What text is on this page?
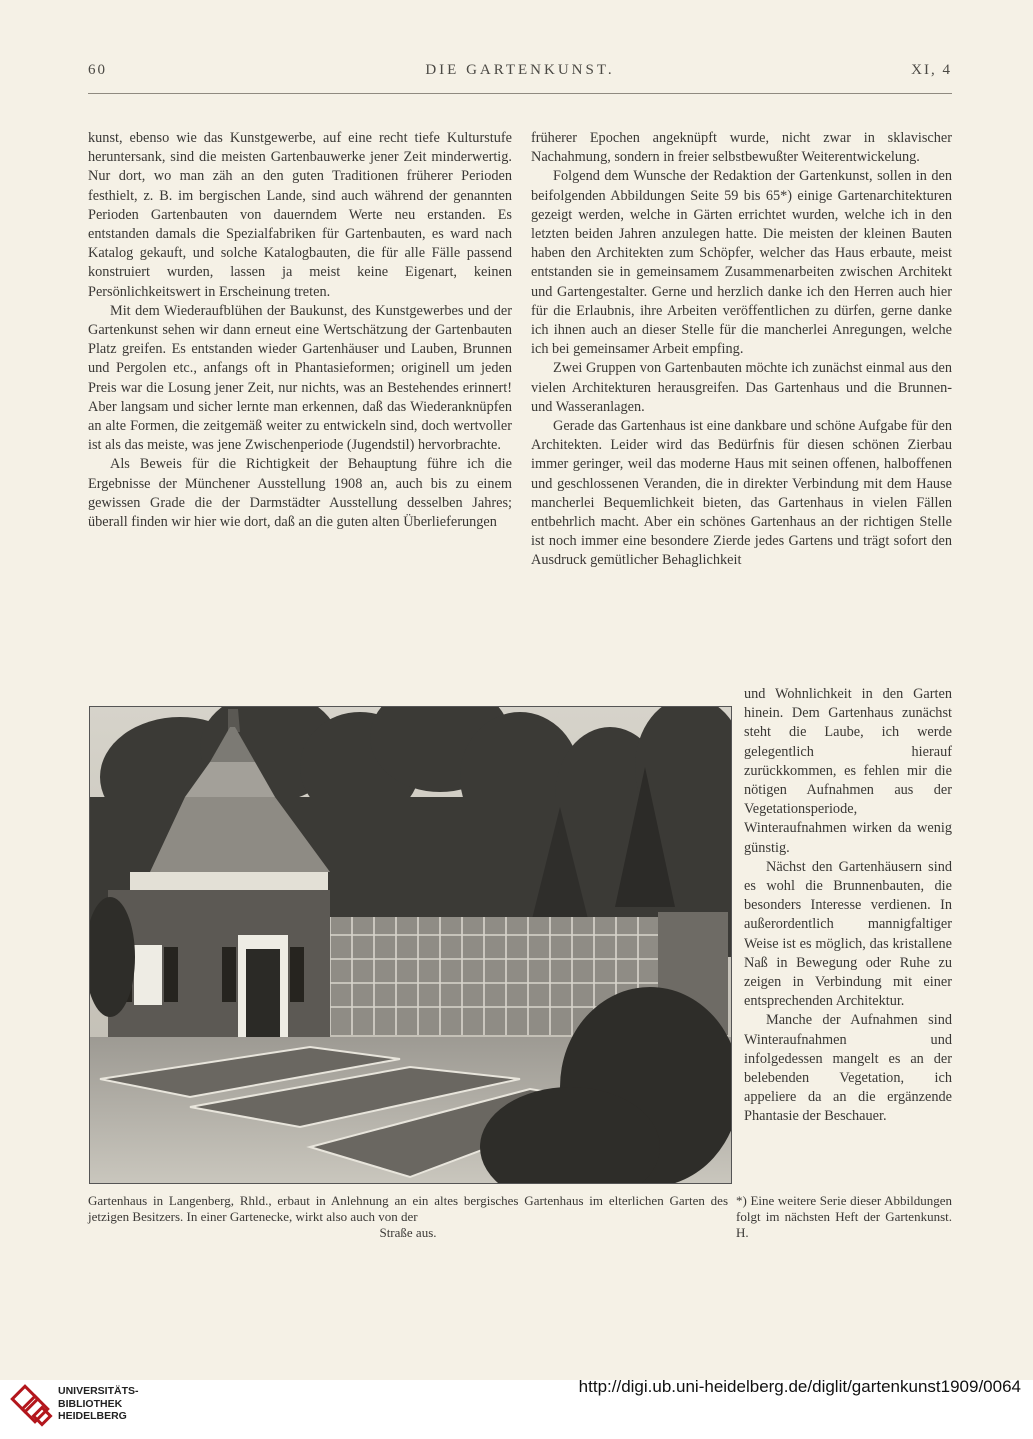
60	DIE GARTENKUNST.	XI, 4

kunst, ebenso wie das Kunstgewerbe, auf eine recht tiefe Kulturstufe heruntersank, sind die meisten Gartenbauwerke jener Zeit minderwertig. Nur dort, wo man zäh an den guten Traditionen früherer Perioden festhielt, z. B. im bergischen Lande, sind auch während der genannten Perioden Gartenbauten von dauerndem Werte neu erstanden. Es entstanden damals die Spezialfabriken für Gartenbauten, es ward nach Katalog gekauft, und solche Katalogbauten, die für alle Fälle passend konstruiert wurden, lassen ja meist keine Eigenart, keinen Persönlichkeitswert in Erscheinung treten.

Mit dem Wiederaufblühen der Baukunst, des Kunstgewerbes und der Gartenkunst sehen wir dann erneut eine Wertschätzung der Gartenbauten Platz greifen. Es entstanden wieder Gartenhäuser und Lauben, Brunnen und Pergolen etc., anfangs oft in Phantasieformen; originell um jeden Preis war die Losung jener Zeit, nur nichts, was an Bestehendes erinnert! Aber langsam und sicher lernte man erkennen, daß das Wiederanknüpfen an alte Formen, die zeitgemäß weiter zu entwickeln sind, doch wertvoller ist als das meiste, was jene Zwischenperiode (Jugendstil) hervorbrachte.

Als Beweis für die Richtigkeit der Behauptung führe ich die Ergebnisse der Münchener Ausstellung 1908 an, auch bis zu einem gewissen Grade die der Darmstädter Ausstellung desselben Jahres; überall finden wir hier wie dort, daß an die guten alten Überlieferungen

früherer Epochen angeknüpft wurde, nicht zwar in sklavischer Nachahmung, sondern in freier selbstbewußter Weiterentwickelung.

Folgend dem Wunsche der Redaktion der Gartenkunst, sollen in den beifolgenden Abbildungen Seite 59 bis 65*) einige Gartenarchitekturen gezeigt werden, welche in Gärten errichtet wurden, welche ich in den letzten beiden Jahren anzulegen hatte. Die meisten der kleinen Bauten haben den Architekten zum Schöpfer, welcher das Haus erbaute, meist entstanden sie in gemeinsamem Zusammenarbeiten zwischen Architekt und Gartengestalter. Gerne und herzlich danke ich den Herren auch hier für die Erlaubnis, ihre Arbeiten veröffentlichen zu dürfen, gerne danke ich ihnen auch an dieser Stelle für die mancherlei Anregungen, welche ich bei gemeinsamer Arbeit empfing.

Zwei Gruppen von Gartenbauten möchte ich zunächst einmal aus den vielen Architekturen herausgreifen. Das Gartenhaus und die Brunnen- und Wasseranlagen.

Gerade das Gartenhaus ist eine dankbare und schöne Aufgabe für den Architekten. Leider wird das Bedürfnis für diesen schönen Zierbau immer geringer, weil das moderne Haus mit seinen offenen, halboffenen und geschlossenen Veranden, die in direkter Verbindung mit dem Hause mancherlei Bequemlichkeit bieten, das Gartenhaus in vielen Fällen entbehrlich macht. Aber ein schönes Gartenhaus an der richtigen Stelle ist noch immer eine besondere Zierde jedes Gartens und trägt sofort den Ausdruck gemütlicher Behaglichkeit

und Wohnlichkeit in den Garten hinein. Dem Gartenhaus zunächst steht die Laube, ich werde gelegentlich hierauf zurückkommen, es fehlen mir die nötigen Aufnahmen aus der Vegetationsperiode, Winteraufnahmen wirken da wenig günstig.

Nächst den Gartenhäusern sind es wohl die Brunnenbauten, die besonders Interesse verdienen. In außerordentlich mannigfaltiger Weise ist es möglich, das kristallene Naß in Bewegung oder Ruhe zu zeigen in Verbindung mit einer entsprechenden Architektur.

Manche der Aufnahmen sind Winteraufnahmen und infolgedessen mangelt es an der belebenden Vegetation, ich appeliere da an die ergänzende Phantasie der Beschauer.

Gartenhaus in Langenberg, Rhld., erbaut in Anlehnung an ein altes bergisches Gartenhaus im elterlichen Garten des jetzigen Besitzers. In einer Gartenecke, wirkt also auch von der
Straße aus.
*) Eine weitere Serie dieser Abbildungen folgt im nächsten Heft der Gartenkunst. H.
UNIVERSITÄTS-
BIBLIOTHEK
HEIDELBERG
http://digi.ub.uni-heidelberg.de/diglit/gartenkunst1909/0064
